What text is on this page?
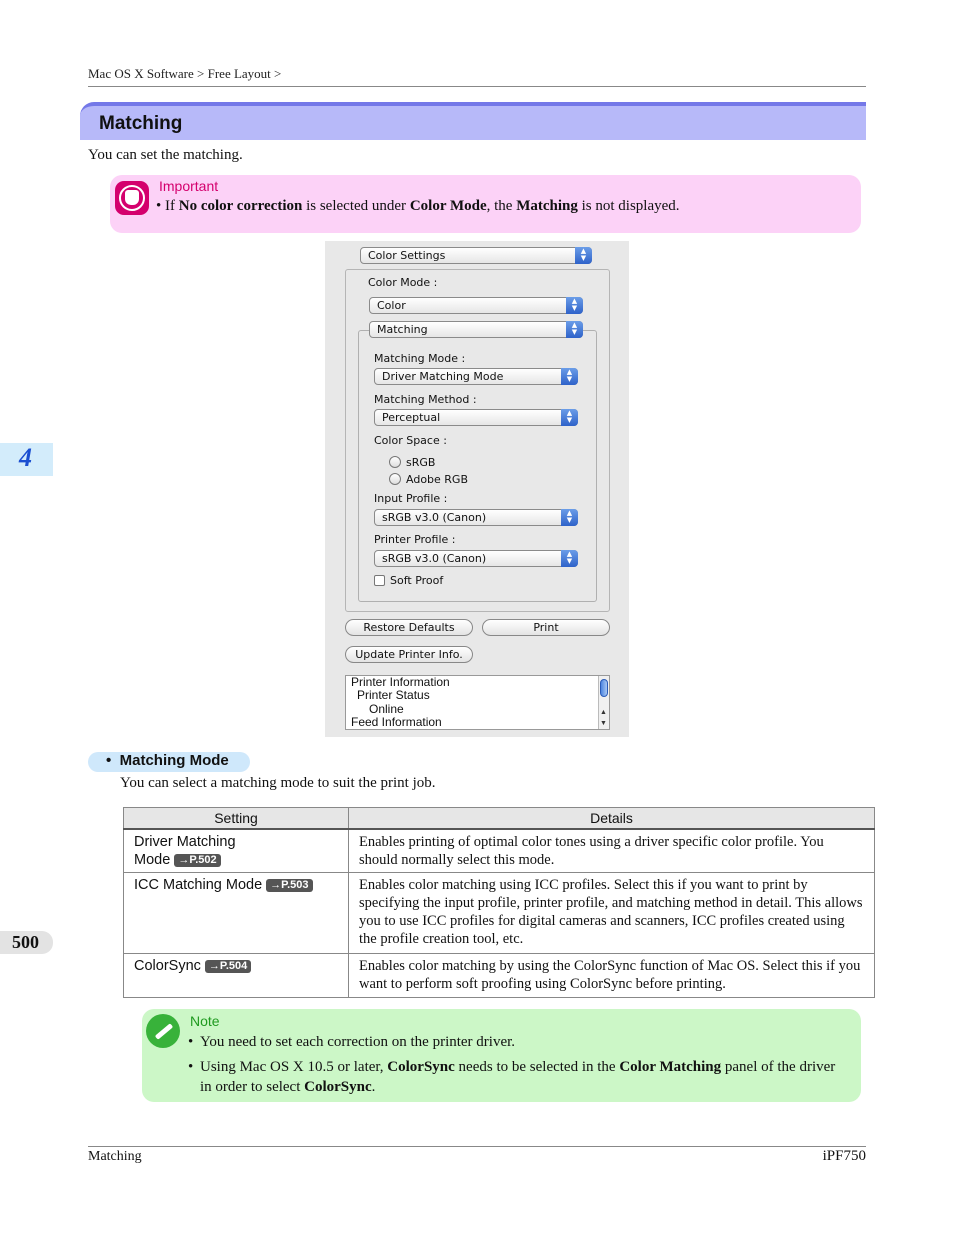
Mac OS X Software > Free Layout >
Matching
You can set the matching.
Important
• If No color correction is selected under Color Mode, the Matching is not displayed.
Color Settings	▲
▼
Color Mode :
Color	▲
▼
Matching	▲
▼
Matching Mode :
Driver Matching Mode	▲
▼
Matching Method :
Perceptual	▲
▼
Color Space :
sRGB
Adobe RGB
Input Profile :
sRGB v3.0 (Canon)	▲
▼
Printer Profile :
sRGB v3.0 (Canon)	▲
▼
Soft Proof
Restore Defaults	Print
Update Printer Info.
Printer Information
Printer Status
Online
Feed Information
▲
▼
• Matching Mode
You can select a matching mode to suit the print job.
Setting	Details
Driver Matching
Mode →P.502	Enables printing of optimal color tones using a driver specific color profile. You should normally select this mode.
ICC Matching Mode →P.503	Enables color matching using ICC profiles. Select this if you want to print by specifying the input profile, printer profile, and matching method in detail. This allows you to use ICC profiles for digital cameras and scanners, ICC profiles created using the profile creation tool, etc.
ColorSync →P.504	Enables color matching by using the ColorSync function of Mac OS. Select this if you want to perform soft proofing using ColorSync before printing.
Note
• You need to set each correction on the printer driver.
• Using Mac OS X 10.5 or later, ColorSync needs to be selected in the Color Matching panel of the driver in order to select ColorSync.
4
500
Matching	iPF750
